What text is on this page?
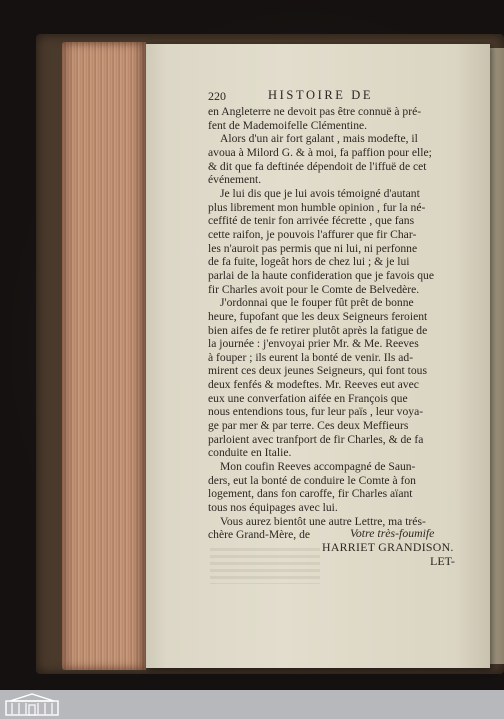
220	HISTOIRE DE

en Angleterre ne devoit pas être connuë à pré-

fent de Mademoifelle Clémentine.

Alors d'un air fort galant , mais modefte, il

avoua à Milord G. & à moi, fa paffion pour elle;

& dit que fa deftinée dépendoit de l'iffuë de cet

événement.

Je lui dis que je lui avois témoigné d'autant

plus librement mon humble opinion , fur la né-

ceffité de tenir fon arrivée fécrette , que fans

cette raifon, je pouvois l'affurer que fir Char-

les n'auroit pas permis que ni lui, ni perfonne

de fa fuite, logeât hors de chez lui ; & je lui

parlai de la haute confideration que je favois que

fir Charles avoit pour le Comte de Belvedère.

J'ordonnai que le fouper fût prêt de bonne

heure, fupofant que les deux Seigneurs feroient

bien aifes de fe retirer plutôt après la fatigue de

la journée : j'envoyai prier Mr. & Me. Reeves

à fouper ; ils eurent la bonté de venir. Ils ad-

mirent ces deux jeunes Seigneurs, qui font tous

deux fenfés & modeftes. Mr. Reeves eut avec

eux une converfation aifée en François que

nous entendions tous, fur leur païs , leur voya-

ge par mer & par terre. Ces deux Meffieurs

parloient avec tranfport de fir Charles, & de fa

conduite en Italie.

Mon coufin Reeves accompagné de Saun-

ders, eut la bonté de conduire le Comte à fon

logement, dans fon caroffe, fir Charles aïant

tous nos équipages avec lui.

Vous aurez bientôt une autre Lettre, ma trés-

chère Grand-Mère, de	Votre très-foumife
HARRIET GRANDISON.
LET-
